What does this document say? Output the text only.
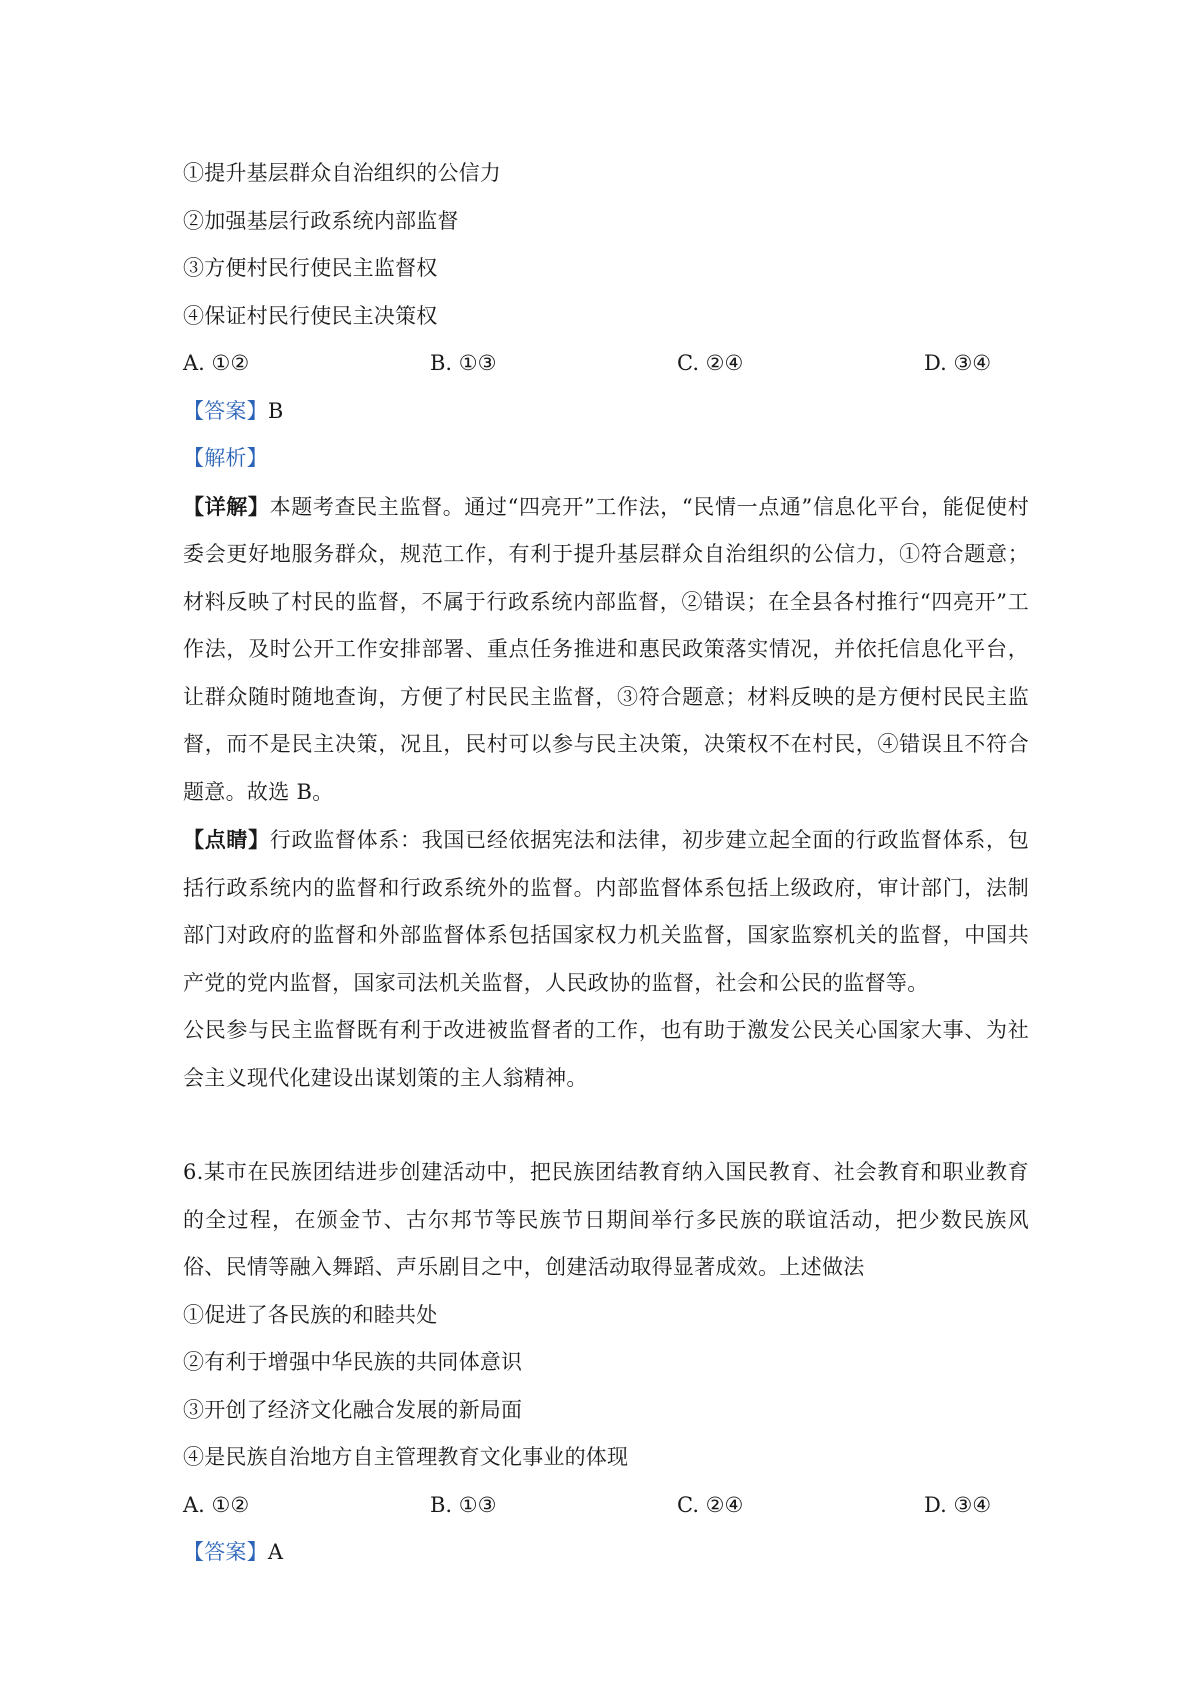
①提升基层群众自治组织的公信力
②加强基层行政系统内部监督
③方便村民行使民主监督权
④保证村民行使民主决策权
A. ①②	B. ①③	C. ②④	D. ③④
【答案】B
【解析】
【详解】本题考查民主监督。通过“四亮开”工作法，“民情一点通”信息化平台，能促使村委会更好地服务群众，规范工作，有利于提升基层群众自治组织的公信力，①符合题意；材料反映了村民的监督，不属于行政系统内部监督，②错误；在全县各村推行“四亮开”工作法，及时公开工作安排部署、重点任务推进和惠民政策落实情况，并依托信息化平台，让群众随时随地查询，方便了村民民主监督，③符合题意；材料反映的是方便村民民主监督，而不是民主决策，况且，民村可以参与民主决策，决策权不在村民，④错误且不符合题意。故选 B。
【点睛】行政监督体系：我国已经依据宪法和法律，初步建立起全面的行政监督体系，包括行政系统内的监督和行政系统外的监督。内部监督体系包括上级政府，审计部门，法制部门对政府的监督和外部监督体系包括国家权力机关监督，国家监察机关的监督，中国共产党的党内监督，国家司法机关监督，人民政协的监督，社会和公民的监督等。
公民参与民主监督既有利于改进被监督者的工作，也有助于激发公民关心国家大事、为社会主义现代化建设出谋划策的主人翁精神。
6.某市在民族团结进步创建活动中，把民族团结教育纳入国民教育、社会教育和职业教育的全过程，在颁金节、古尔邦节等民族节日期间举行多民族的联谊活动，把少数民族风俗、民情等融入舞蹈、声乐剧目之中，创建活动取得显著成效。上述做法
①促进了各民族的和睦共处
②有利于增强中华民族的共同体意识
③开创了经济文化融合发展的新局面
④是民族自治地方自主管理教育文化事业的体现
A. ①②	B. ①③	C. ②④	D. ③④
【答案】A
